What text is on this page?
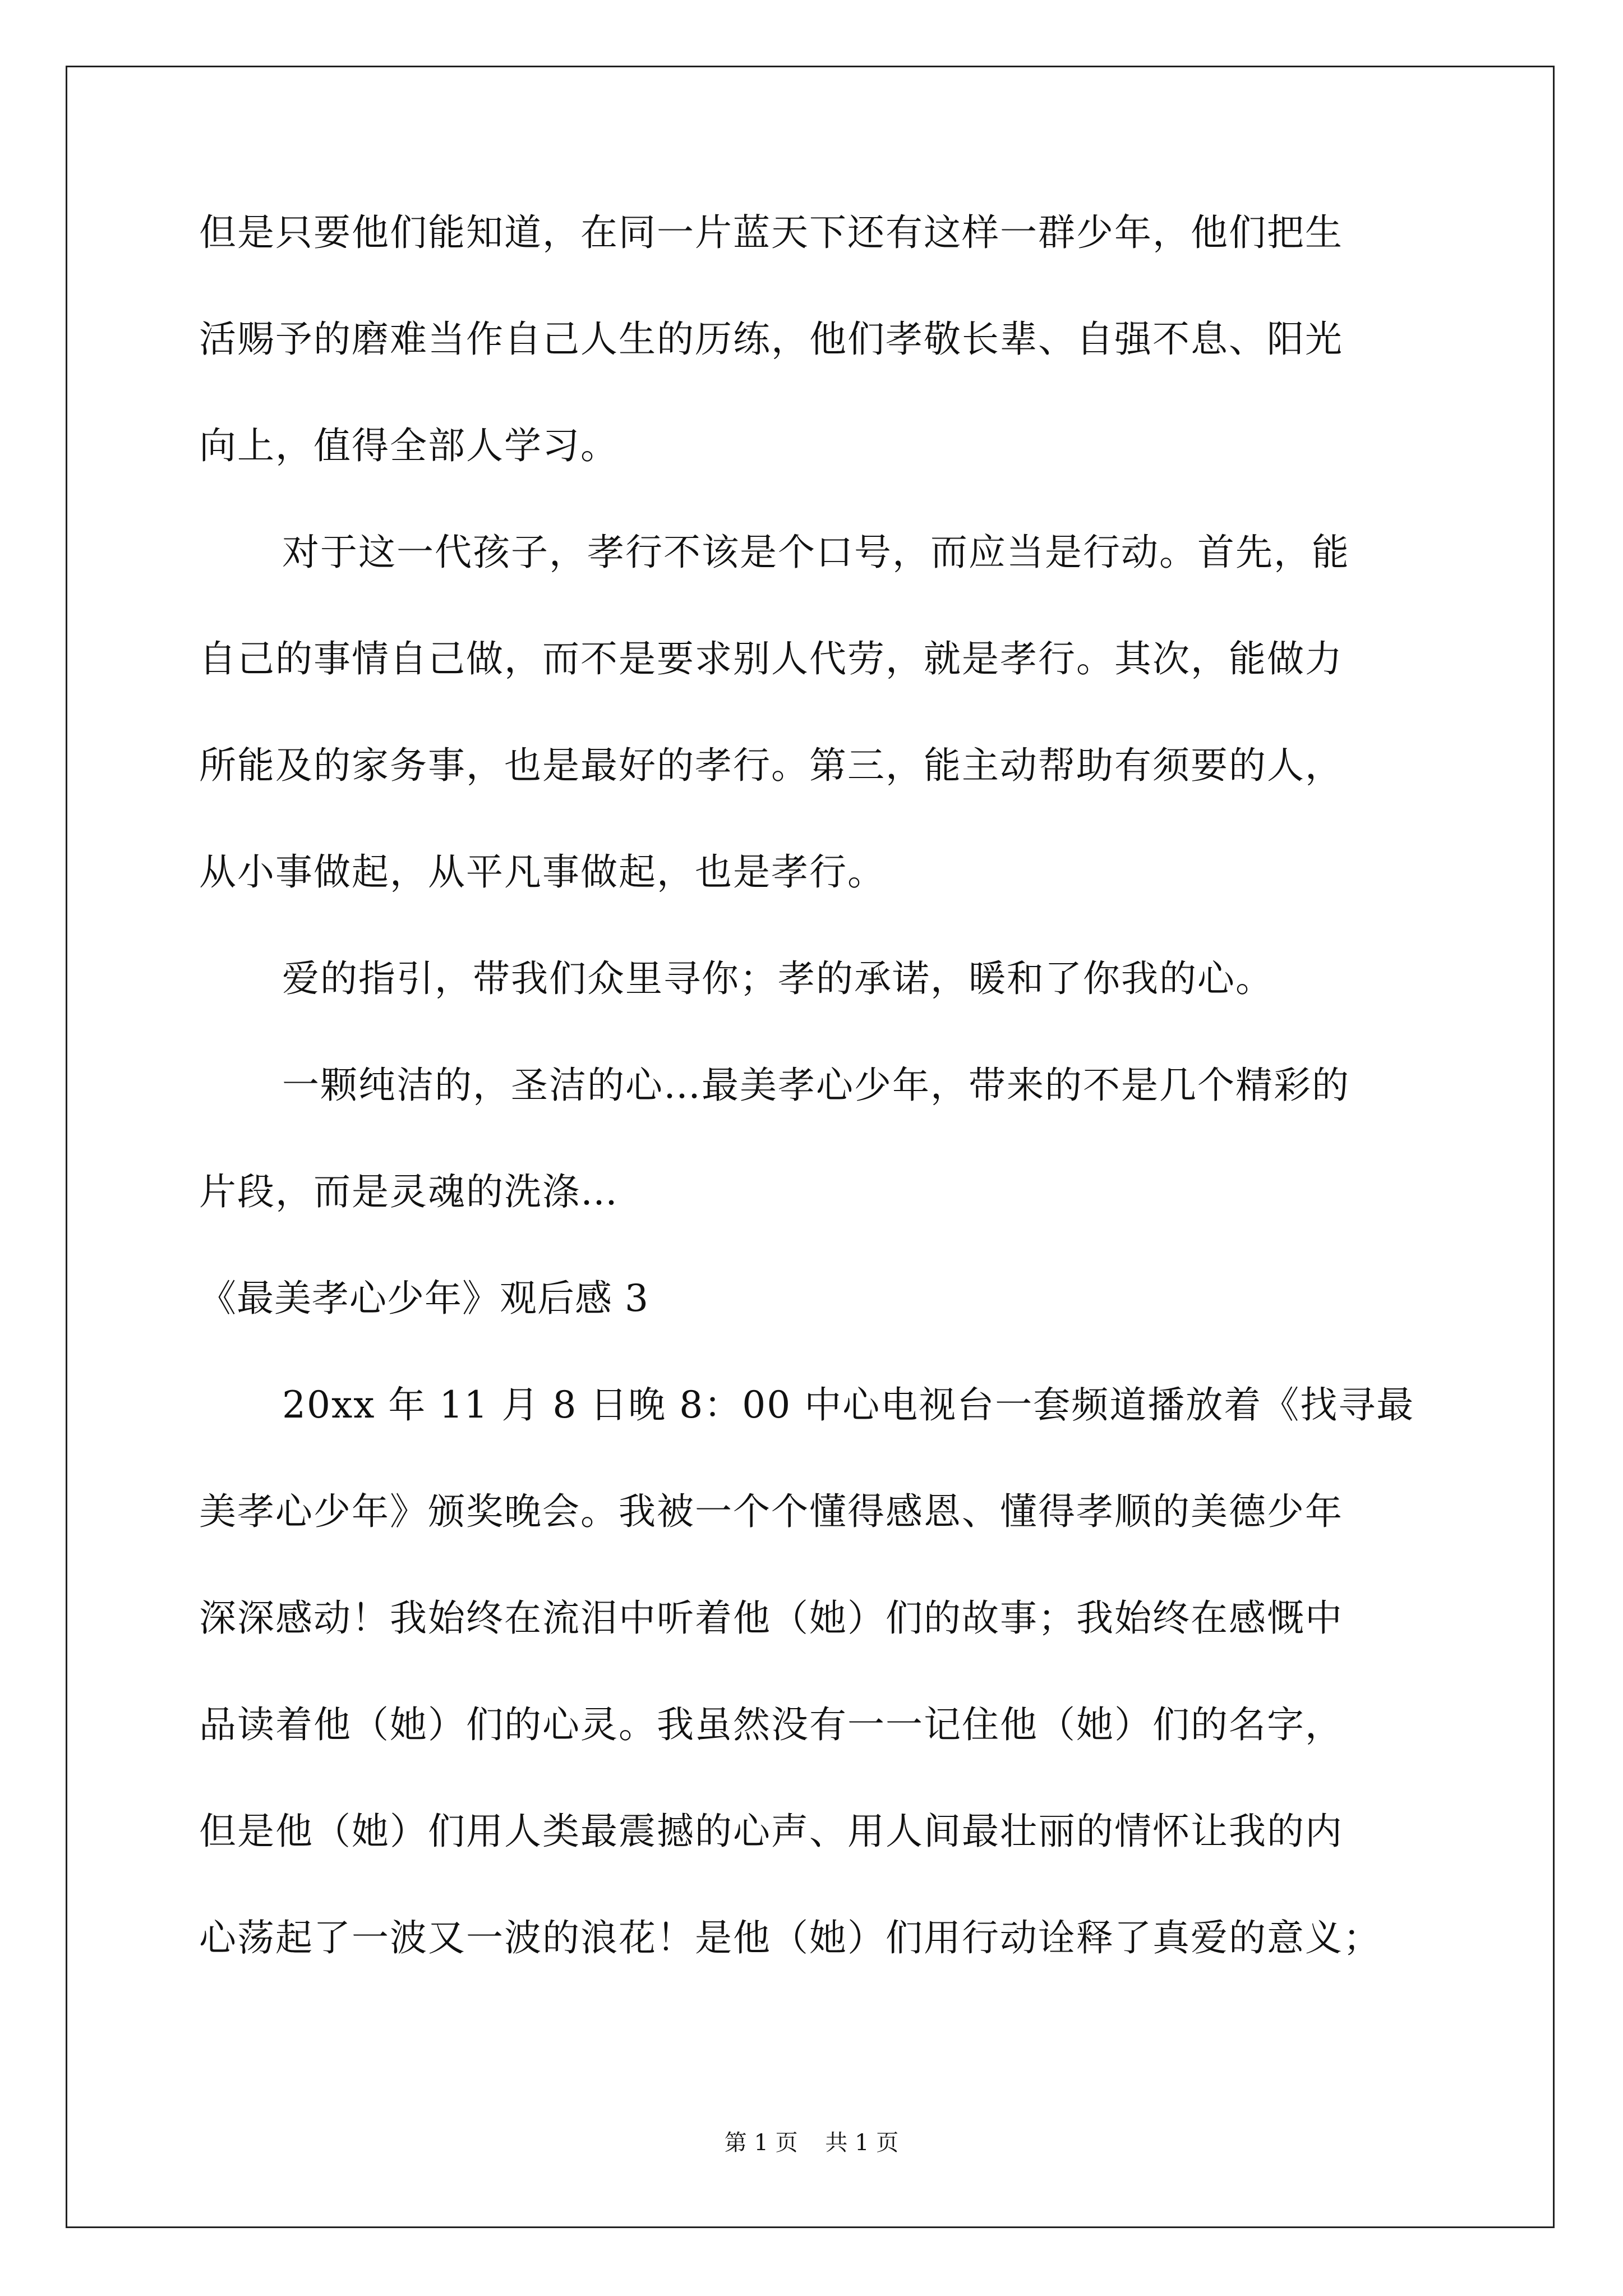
但是只要他们能知道，在同一片蓝天下还有这样一群少年，他们把生
活赐予的磨难当作自己人生的历练，他们孝敬长辈、自强不息、阳光
向上，值得全部人学习。
对于这一代孩子，孝行不该是个口号，而应当是行动。首先，能
自己的事情自己做，而不是要求别人代劳，就是孝行。其次，能做力
所能及的家务事，也是最好的孝行。第三，能主动帮助有须要的人，
从小事做起，从平凡事做起，也是孝行。
爱的指引，带我们众里寻你；孝的承诺，暖和了你我的心。
一颗纯洁的，圣洁的心…最美孝心少年，带来的不是几个精彩的
片段，而是灵魂的洗涤…
《最美孝心少年》观后感 3
20xx 年 11 月 8 日晚 8：00 中心电视台一套频道播放着《找寻最
美孝心少年》颁奖晚会。我被一个个懂得感恩、懂得孝顺的美德少年
深深感动！我始终在流泪中听着他（她）们的故事；我始终在感慨中
品读着他（她）们的心灵。我虽然没有一一记住他（她）们的名字，
但是他（她）们用人类最震撼的心声、用人间最壮丽的情怀让我的内
心荡起了一波又一波的浪花！是他（她）们用行动诠释了真爱的意义；
第 1 页 共 1 页
